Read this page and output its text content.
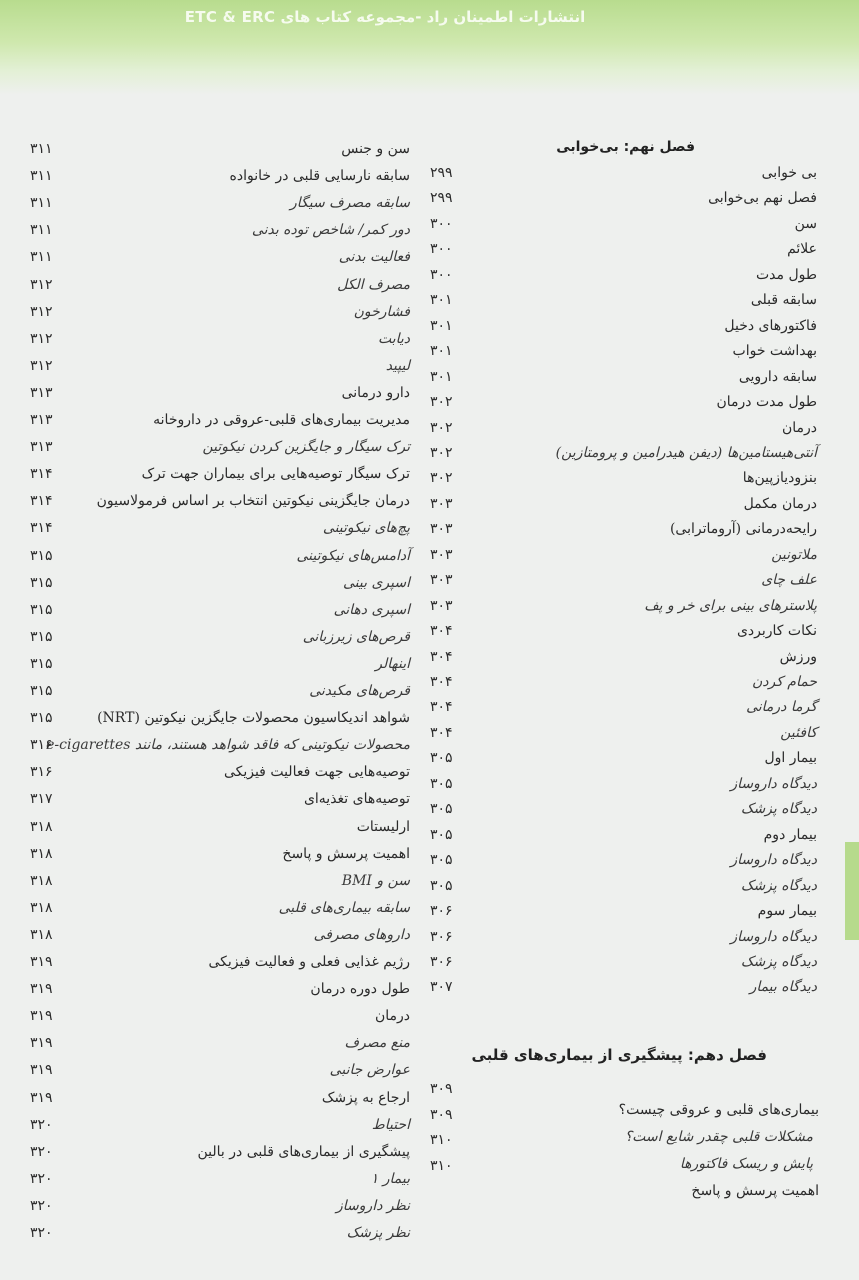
انتشارات اطمینان راد -مجموعه کتاب های ETC & ERC
سن و جنس
۳۱۱
سابقه نارسایی قلبی در خانواده
۳۱۱
سابقه مصرف سیگار
۳۱۱
دور کمر/ شاخص توده بدنی
۳۱۱
فعالیت بدنی
۳۱۱
مصرف الکل
۳۱۲
فشارخون
۳۱۲
دیابت
۳۱۲
لیپید
۳۱۲
دارو درمانی
۳۱۳
مدیریت بیماری‌های قلبی-عروقی در داروخانه
۳۱۳
ترک سیگار و جایگزین کردن نیکوتین
۳۱۳
ترک سیگار توصیه‌هایی برای بیماران جهت ترک
۳۱۴
درمان جایگزینی نیکوتین انتخاب بر اساس فرمولاسیون
۳۱۴
پچ‌های نیکوتینی
۳۱۴
آدامس‌های نیکوتینی
۳۱۵
اسپری بینی
۳۱۵
اسپری دهانی
۳۱۵
قرص‌های زیرزبانی
۳۱۵
اینهالر
۳۱۵
قرص‌های مکیدنی
۳۱۵
شواهد اندیکاسیون محصولات جایگزین نیکوتین (NRT)
۳۱۵
محصولات نیکوتینی که فاقد شواهد هستند، مانند e-cigarettes
۳۱۶
توصیه‌هایی جهت فعالیت فیزیکی
۳۱۶
توصیه‌های تغذیه‌ای
۳۱۷
ارلیستات
۳۱۸
اهمیت پرسش و پاسخ
۳۱۸
سن و BMI
۳۱۸
سابقه بیماری‌های قلبی
۳۱۸
داروهای مصرفی
۳۱۸
رژیم غذایی فعلی و فعالیت فیزیکی
۳۱۹
طول دوره درمان
۳۱۹
درمان
۳۱۹
منع مصرف
۳۱۹
عوارض جانبی
۳۱۹
ارجاع به پزشک
۳۱۹
احتیاط
۳۲۰
پیشگیری از بیماری‌های قلبی در بالین
۳۲۰
بیمار ۱
۳۲۰
نظر داروساز
۳۲۰
نظر پزشک
۳۲۰
۲۹۹
۲۹۹
۳۰۰
۳۰۰
۳۰۰
۳۰۱
۳۰۱
۳۰۱
۳۰۱
۳۰۲
۳۰۲
۳۰۲
۳۰۲
۳۰۳
۳۰۳
۳۰۳
۳۰۳
۳۰۳
۳۰۴
۳۰۴
۳۰۴
۳۰۴
۳۰۴
۳۰۵
۳۰۵
۳۰۵
۳۰۵
۳۰۵
۳۰۵
۳۰۶
۳۰۶
۳۰۶
۳۰۷
۳۰۹
۳۰۹
۳۱۰
۳۱۰
فصل نهم: بی‌خوابی
بی خوابی
فصل نهم بی‌خوابی
سن
علائم
طول مدت
سابقه قبلی
فاکتورهای دخیل
بهداشت خواب
سابقه دارویی
طول مدت درمان
درمان
آنتی‌هیستامین‌ها (دیفن هیدرامین و پرومتازین)
بنزودیازپین‌ها
درمان مکمل
رایحه‌درمانی (آروماترابی)
ملاتونین
علف چای
پلاسترهای بینی برای خر و پف
نکات کاربردی
ورزش
حمام کردن
گرما درمانی
کافئین
بیمار اول
دیدگاه داروساز
دیدگاه پزشک
بیمار دوم
دیدگاه داروساز
دیدگاه پزشک
بیمار سوم
دیدگاه داروساز
دیدگاه پزشک
دیدگاه بیمار
فصل دهم: پیشگیری از بیماری‌های قلبی
بیماری‌های قلبی و عروقی چیست؟
مشکلات قلبی چقدر شایع است؟
پایش و ریسک فاکتورها
اهمیت پرسش و پاسخ
